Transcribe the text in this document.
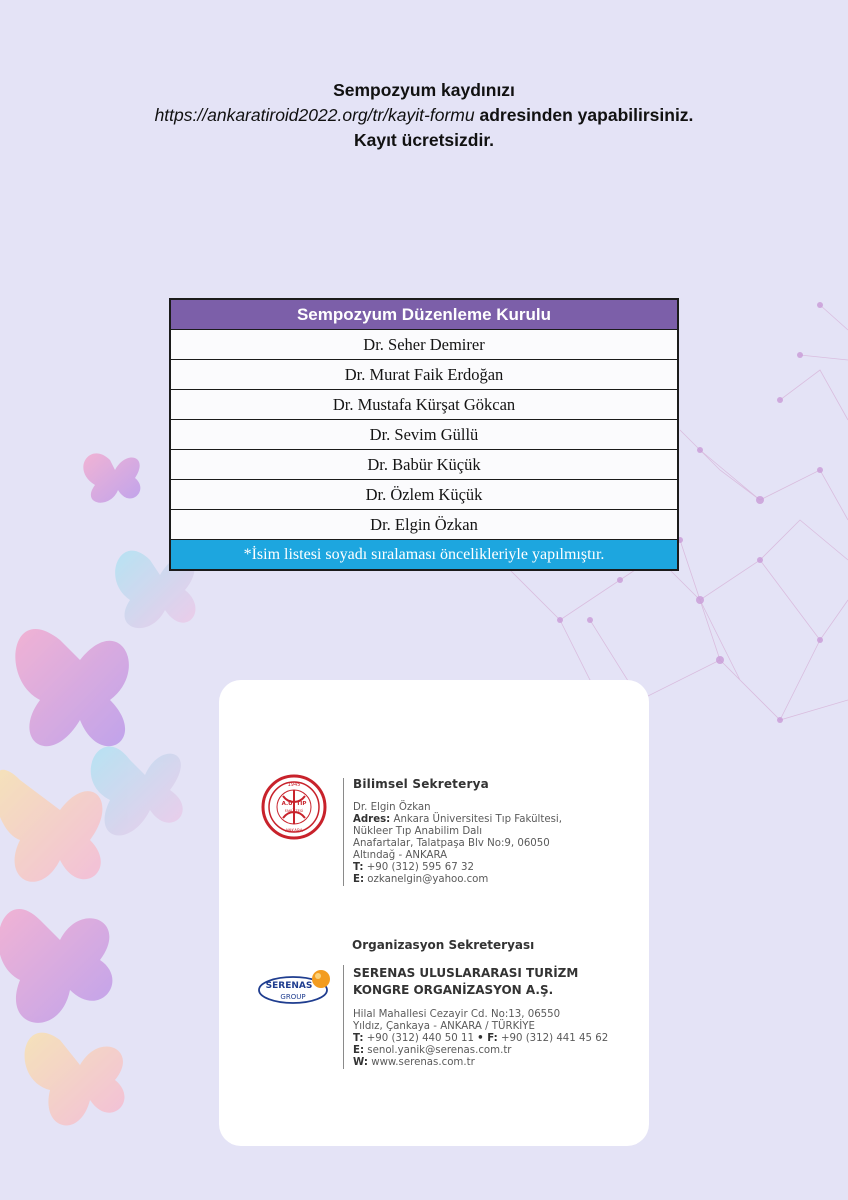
Sempozyum kaydınızı
https://ankaratiroid2022.org/tr/kayit-formu adresinden yapabilirsiniz.
Kayıt ücretsizdir.
Sempozyum Düzenleme Kurulu
Dr. Seher Demirer
Dr. Murat Faik Erdoğan
Dr. Mustafa Kürşat Gökcan
Dr. Sevim Güllü
Dr. Babür Küçük
Dr. Özlem Küçük
Dr. Elgin Özkan
*İsim listesi soyadı sıralaması öncelikleriyle yapılmıştır.
1945
A.Ü. TIP
FAKÜLTESİ
ANKARA
Bilimsel Sekreterya
Dr. Elgin Özkan
Adres: Ankara Üniversitesi Tıp Fakültesi,
Nükleer Tıp Anabilim Dalı
Anafartalar, Talatpaşa Blv No:9, 06050
Altındağ - ANKARA
T: +90 (312) 595 67 32
E: ozkanelgin@yahoo.com
Organizasyon Sekreteryası
SERENAS
GROUP
SERENAS ULUSLARARASI TURİZM
KONGRE ORGANİZASYON A.Ş.
Hilal Mahallesi Cezayir Cd. No:13, 06550
Yıldız, Çankaya - ANKARA / TÜRKİYE
T: +90 (312) 440 50 11 • F: +90 (312) 441 45 62
E: senol.yanik@serenas.com.tr
W: www.serenas.com.tr
